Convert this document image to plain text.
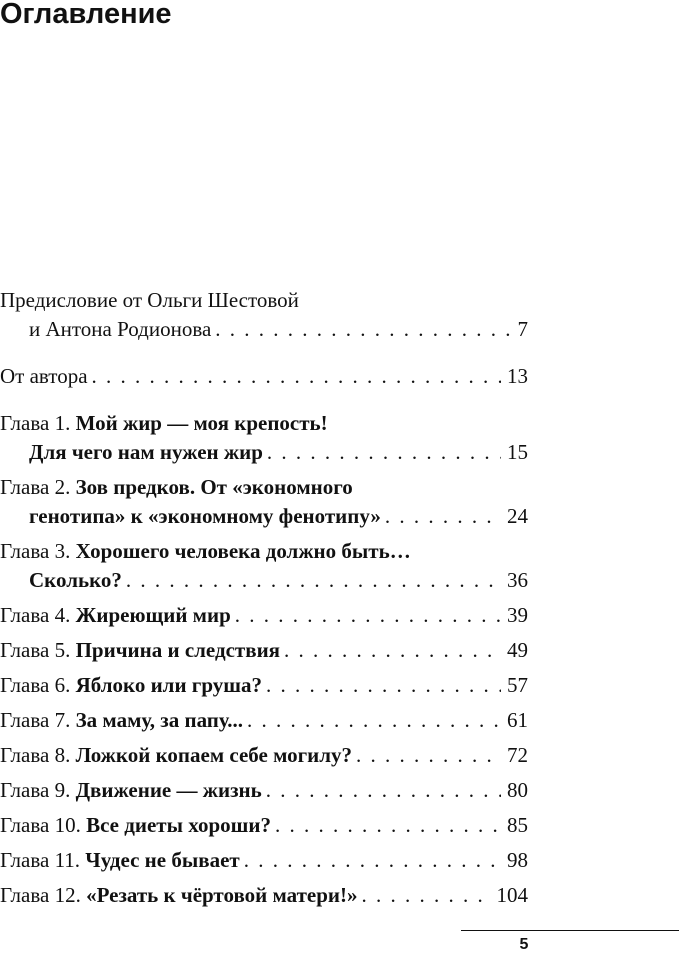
Оглавление
Предисловие от Ольги Шестовой
и Антона Родионова . . .	7
От автора . . .	13
Глава 1. Мой жир — моя крепость!
Для чего нам нужен жир . . .	15
Глава 2. Зов предков. От «экономного
генотипа» к «экономному фенотипу» . . .	24
Глава 3. Хорошего человека должно быть…
Сколько? . . .	36
Глава 4. Жиреющий мир . . .	39
Глава 5. Причина и следствия . . .	49
Глава 6. Яблоко или груша? . . .	57
Глава 7. За маму, за папу... . . .	61
Глава 8. Ложкой копаем себе могилу? . . .	72
Глава 9. Движение — жизнь . . .	80
Глава 10. Все диеты хороши? . . .	85
Глава 11. Чудес не бывает . . .	98
Глава 12. «Резать к чёртовой матери!» . . .	104
5
